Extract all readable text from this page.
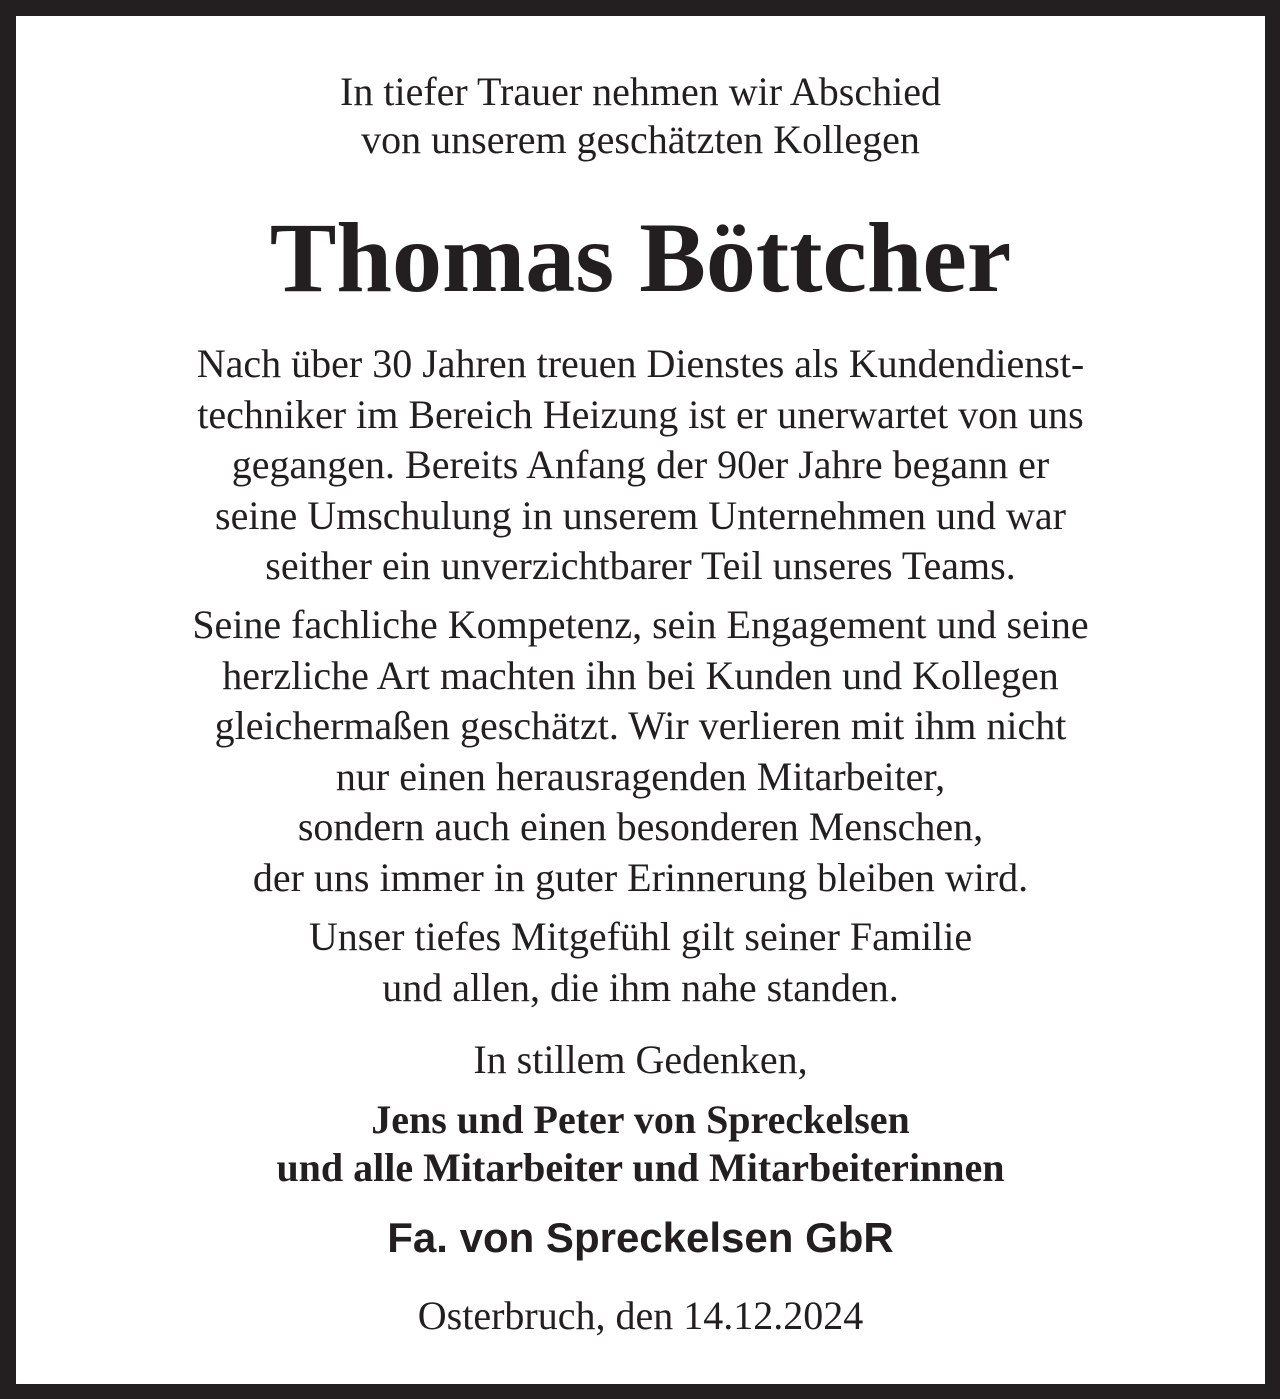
In tiefer Trauer nehmen wir Abschied
von unserem geschätzten Kollegen
Thomas Böttcher
Nach über 30 Jahren treuen Dienstes als Kundendienst-
techniker im Bereich Heizung ist er unerwartet von uns
gegangen. Bereits Anfang der 90er Jahre begann er
seine Umschulung in unserem Unternehmen und war
seither ein unverzichtbarer Teil unseres Teams.
Seine fachliche Kompetenz, sein Engagement und seine
herzliche Art machten ihn bei Kunden und Kollegen
gleichermaßen geschätzt. Wir verlieren mit ihm nicht
nur einen herausragenden Mitarbeiter,
sondern auch einen besonderen Menschen,
der uns immer in guter Erinnerung bleiben wird.
Unser tiefes Mitgefühl gilt seiner Familie
und allen, die ihm nahe standen.
In stillem Gedenken,
Jens und Peter von Spreckelsen
und alle Mitarbeiter und Mitarbeiterinnen
Fa. von Spreckelsen GbR
Osterbruch, den 14.12.2024
